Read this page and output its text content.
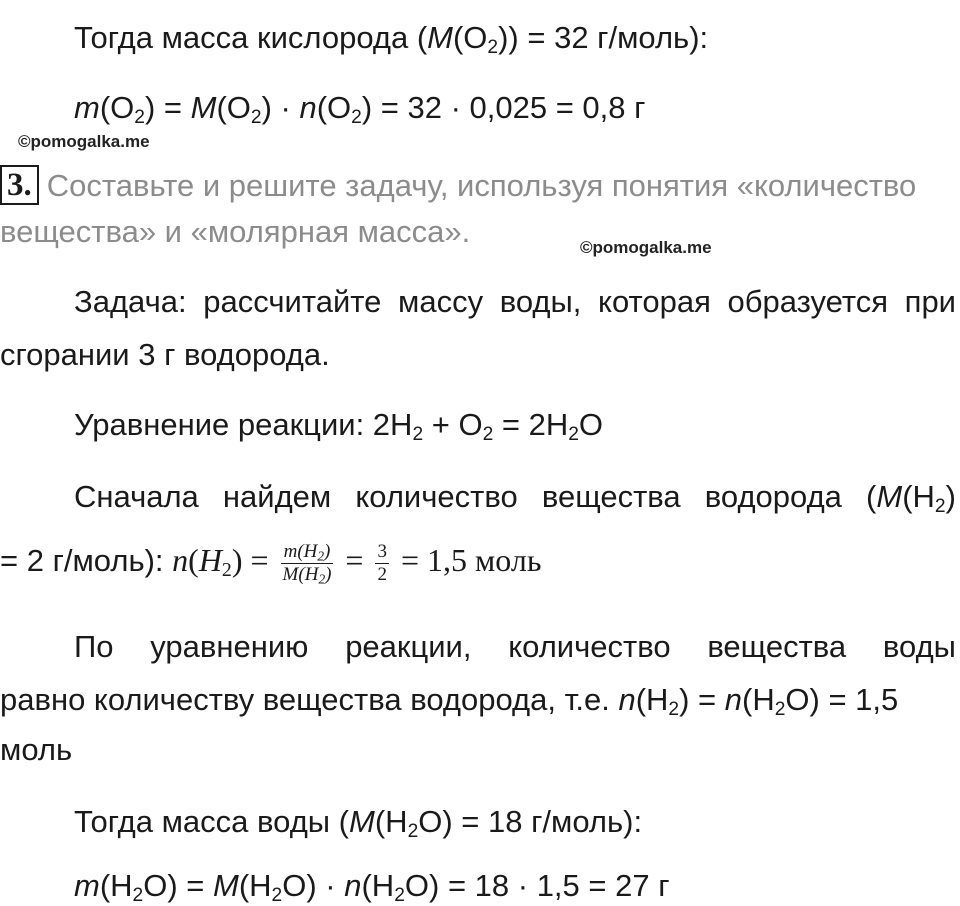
Тогда масса кислорода $(M(O_2)) = 32$ г/моль):
$m(O_2) = M(O_2) \cdot n(O_2) = 32 \cdot 0,025 = 0,8$ г
©pomogalka.me
3. Составьте и решите задачу, используя понятия «количество
вещества» и «молярная масса».	©pomogalka.me
Задача: рассчитайте массу воды, которая образуется при
сгорании 3 г водорода.
Уравнение реакции: $2H_2 + O_2 = 2H_2O$
Сначала найдем количество вещества водорода ($M(H_2)$
= 2 г/моль): $n(H_2) = \frac{m(H_2)}{M(H_2)} = \frac{3}{2} = 1,5$ моль
По уравнению реакции, количество вещества воды
равно количеству вещества водорода, т.е. $n(H_2) = n(H_2O) = 1,5$
моль
Тогда масса воды ($M(H_2O) = 18$ г/моль):
$m(H_2O) = M(H_2O) \cdot n(H_2O) = 18 \cdot 1,5 = 27$ г
